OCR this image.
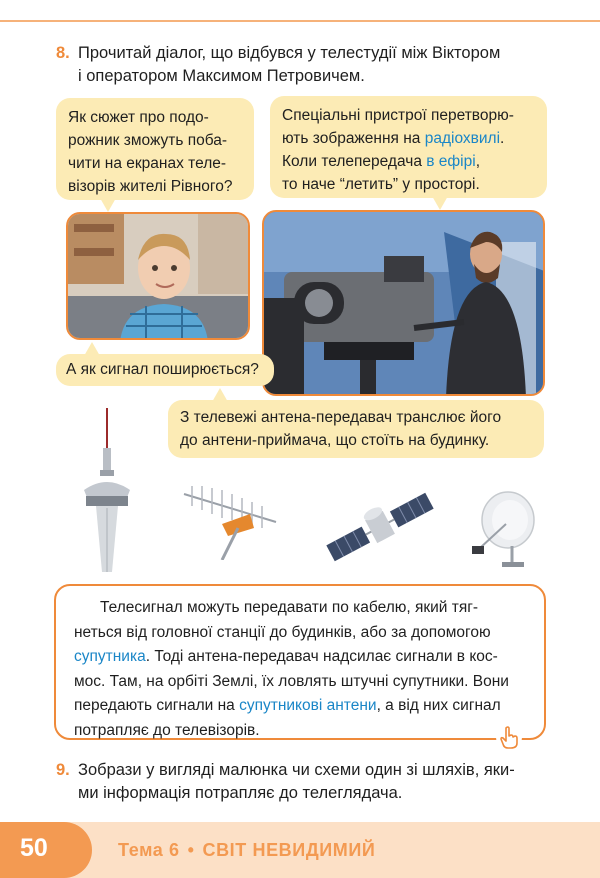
8. Прочитай діалог, що відбувся у телестудії між Віктором
і оператором Максимом Петровичем.
Як сюжет про подо-
рожник зможуть поба-
чити на екранах теле-
візорів жителі Рівного?
Спеціальні пристрої перетворю-
ють зображення на радіохвилі.
Коли телепередача в ефірі,
то наче “летить” у просторі.
А як сигнал поширюється?
З телевежі антена-передавач транслює його
до антени-приймача, що стоїть на будинку.
Телесигнал можуть передавати по кабелю, який тяг-
неться від головної станції до будинків, або за допомогою
супутника. Тоді антена-передавач надсилає сигнали в кос-
мос. Там, на орбіті Землі, їх ловлять штучні супутники. Вони
передають сигнали на супутникові антени, а від них сигнал
потрапляє до телевізорів.
9. Зобрази у вигляді малюнка чи схеми один зі шляхів, яки-
ми інформація потрапляє до телеглядача.
50	Тема 6 • СВІТ НЕВИДИМИЙ
